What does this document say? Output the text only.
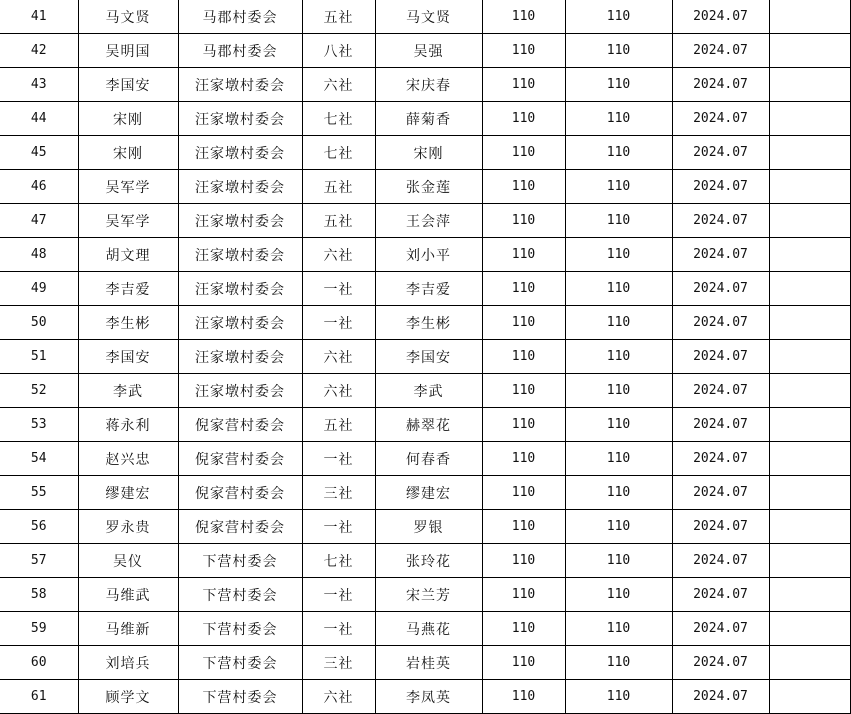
41	马文贤	马郡村委会	五社	马文贤	110	110	2024.07	
42	吴明国	马郡村委会	八社	吴强	110	110	2024.07	
43	李国安	汪家墩村委会	六社	宋庆春	110	110	2024.07	
44	宋刚	汪家墩村委会	七社	薛菊香	110	110	2024.07	
45	宋刚	汪家墩村委会	七社	宋刚	110	110	2024.07	
46	吴军学	汪家墩村委会	五社	张金莲	110	110	2024.07	
47	吴军学	汪家墩村委会	五社	王会萍	110	110	2024.07	
48	胡文理	汪家墩村委会	六社	刘小平	110	110	2024.07	
49	李吉爱	汪家墩村委会	一社	李吉爱	110	110	2024.07	
50	李生彬	汪家墩村委会	一社	李生彬	110	110	2024.07	
51	李国安	汪家墩村委会	六社	李国安	110	110	2024.07	
52	李武	汪家墩村委会	六社	李武	110	110	2024.07	
53	蒋永利	倪家营村委会	五社	赫翠花	110	110	2024.07	
54	赵兴忠	倪家营村委会	一社	何春香	110	110	2024.07	
55	缪建宏	倪家营村委会	三社	缪建宏	110	110	2024.07	
56	罗永贵	倪家营村委会	一社	罗银	110	110	2024.07	
57	吴仪	下营村委会	七社	张玲花	110	110	2024.07	
58	马维武	下营村委会	一社	宋兰芳	110	110	2024.07	
59	马维新	下营村委会	一社	马燕花	110	110	2024.07	
60	刘培兵	下营村委会	三社	岩桂英	110	110	2024.07	
61	顾学文	下营村委会	六社	李凤英	110	110	2024.07	
